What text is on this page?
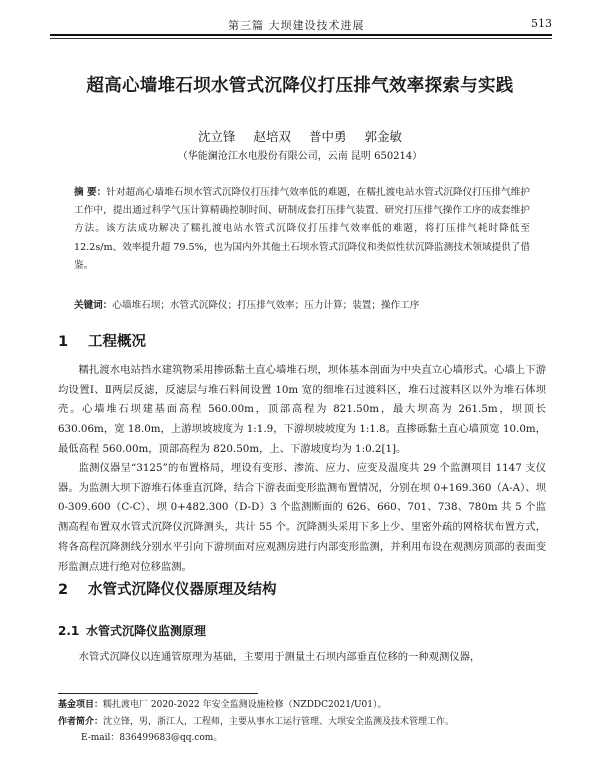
第三篇 大坝建设技术进展	513
超高心墙堆石坝水管式沉降仪打压排气效率探索与实践
沈立锋 赵培双 普中勇 郭金敏
（华能澜沧江水电股份有限公司，云南 昆明 650214）
摘 要：针对超高心墙堆石坝水管式沉降仪打压排气效率低的难题，在糯扎渡电站水管式沉降仪打压排气维护工作中，提出通过科学气压计算精确控制时间、研制成套打压排气装置、研究打压排气操作工序的成套维护方法。该方法成功解决了糯扎渡电站水管式沉降仪打压排气效率低的难题，将打压排气耗时降低至 12.2s/m、效率提升超 79.5%，也为国内外其他土石坝水管式沉降仪和类似性状沉降监测技术领域提供了借鉴。
关键词：心墙堆石坝；水管式沉降仪；打压排气效率；压力计算；装置；操作工序
1 工程概况
糯扎渡水电站挡水建筑物采用掺砾黏土直心墙堆石坝，坝体基本剖面为中央直立心墙形式。心墙上下游均设置Ⅰ、Ⅱ两层反滤，反滤层与堆石料间设置 10m 宽的细堆石过渡料区，堆石过渡料区以外为堆石体坝壳。心墙堆石坝建基面高程 560.00m，顶部高程为 821.50m，最大坝高为 261.5m，坝顶长 630.06m，宽 18.0m，上游坝坡坡度为 1:1.9，下游坝坡坡度为 1:1.8。直掺砾黏土直心墙顶宽 10.0m，最低高程 560.00m，顶部高程为 820.50m，上、下游坡度均为 1:0.2[1]。
监测仪器呈“3125”的布置格局，埋设有变形、渗流、应力、应变及温度共 29 个监测项目 1147 支仪器。为监测大坝下游堆石体垂直沉降，结合下游表面变形监测布置情况，分别在坝 0+169.360（A-A）、坝 0-309.600（C-C）、坝 0+482.300（D-D）3 个监测断面的 626、660、701、738、780m 共 5 个监测高程布置双水管式沉降仪沉降测头，共计 55 个。沉降测头采用下多上少、里密外疏的网格状布置方式，将各高程沉降测线分别水平引向下游坝面对应观测房进行内部变形监测，并利用布设在观测房顶部的表面变形监测点进行绝对位移监测。
2 水管式沉降仪仪器原理及结构
2.1 水管式沉降仪监测原理
水管式沉降仪以连通管原理为基础，主要用于测量土石坝内部垂直位移的一种观测仪器，
基金项目：糯扎渡电厂 2020-2022 年安全监测设施检修（NZDDC2021/U01）。
作者简介：沈立锋，男，浙江人，工程师，主要从事水工运行管理、大坝安全监测及技术管理工作。
E-mail：836499683@qq.com。
